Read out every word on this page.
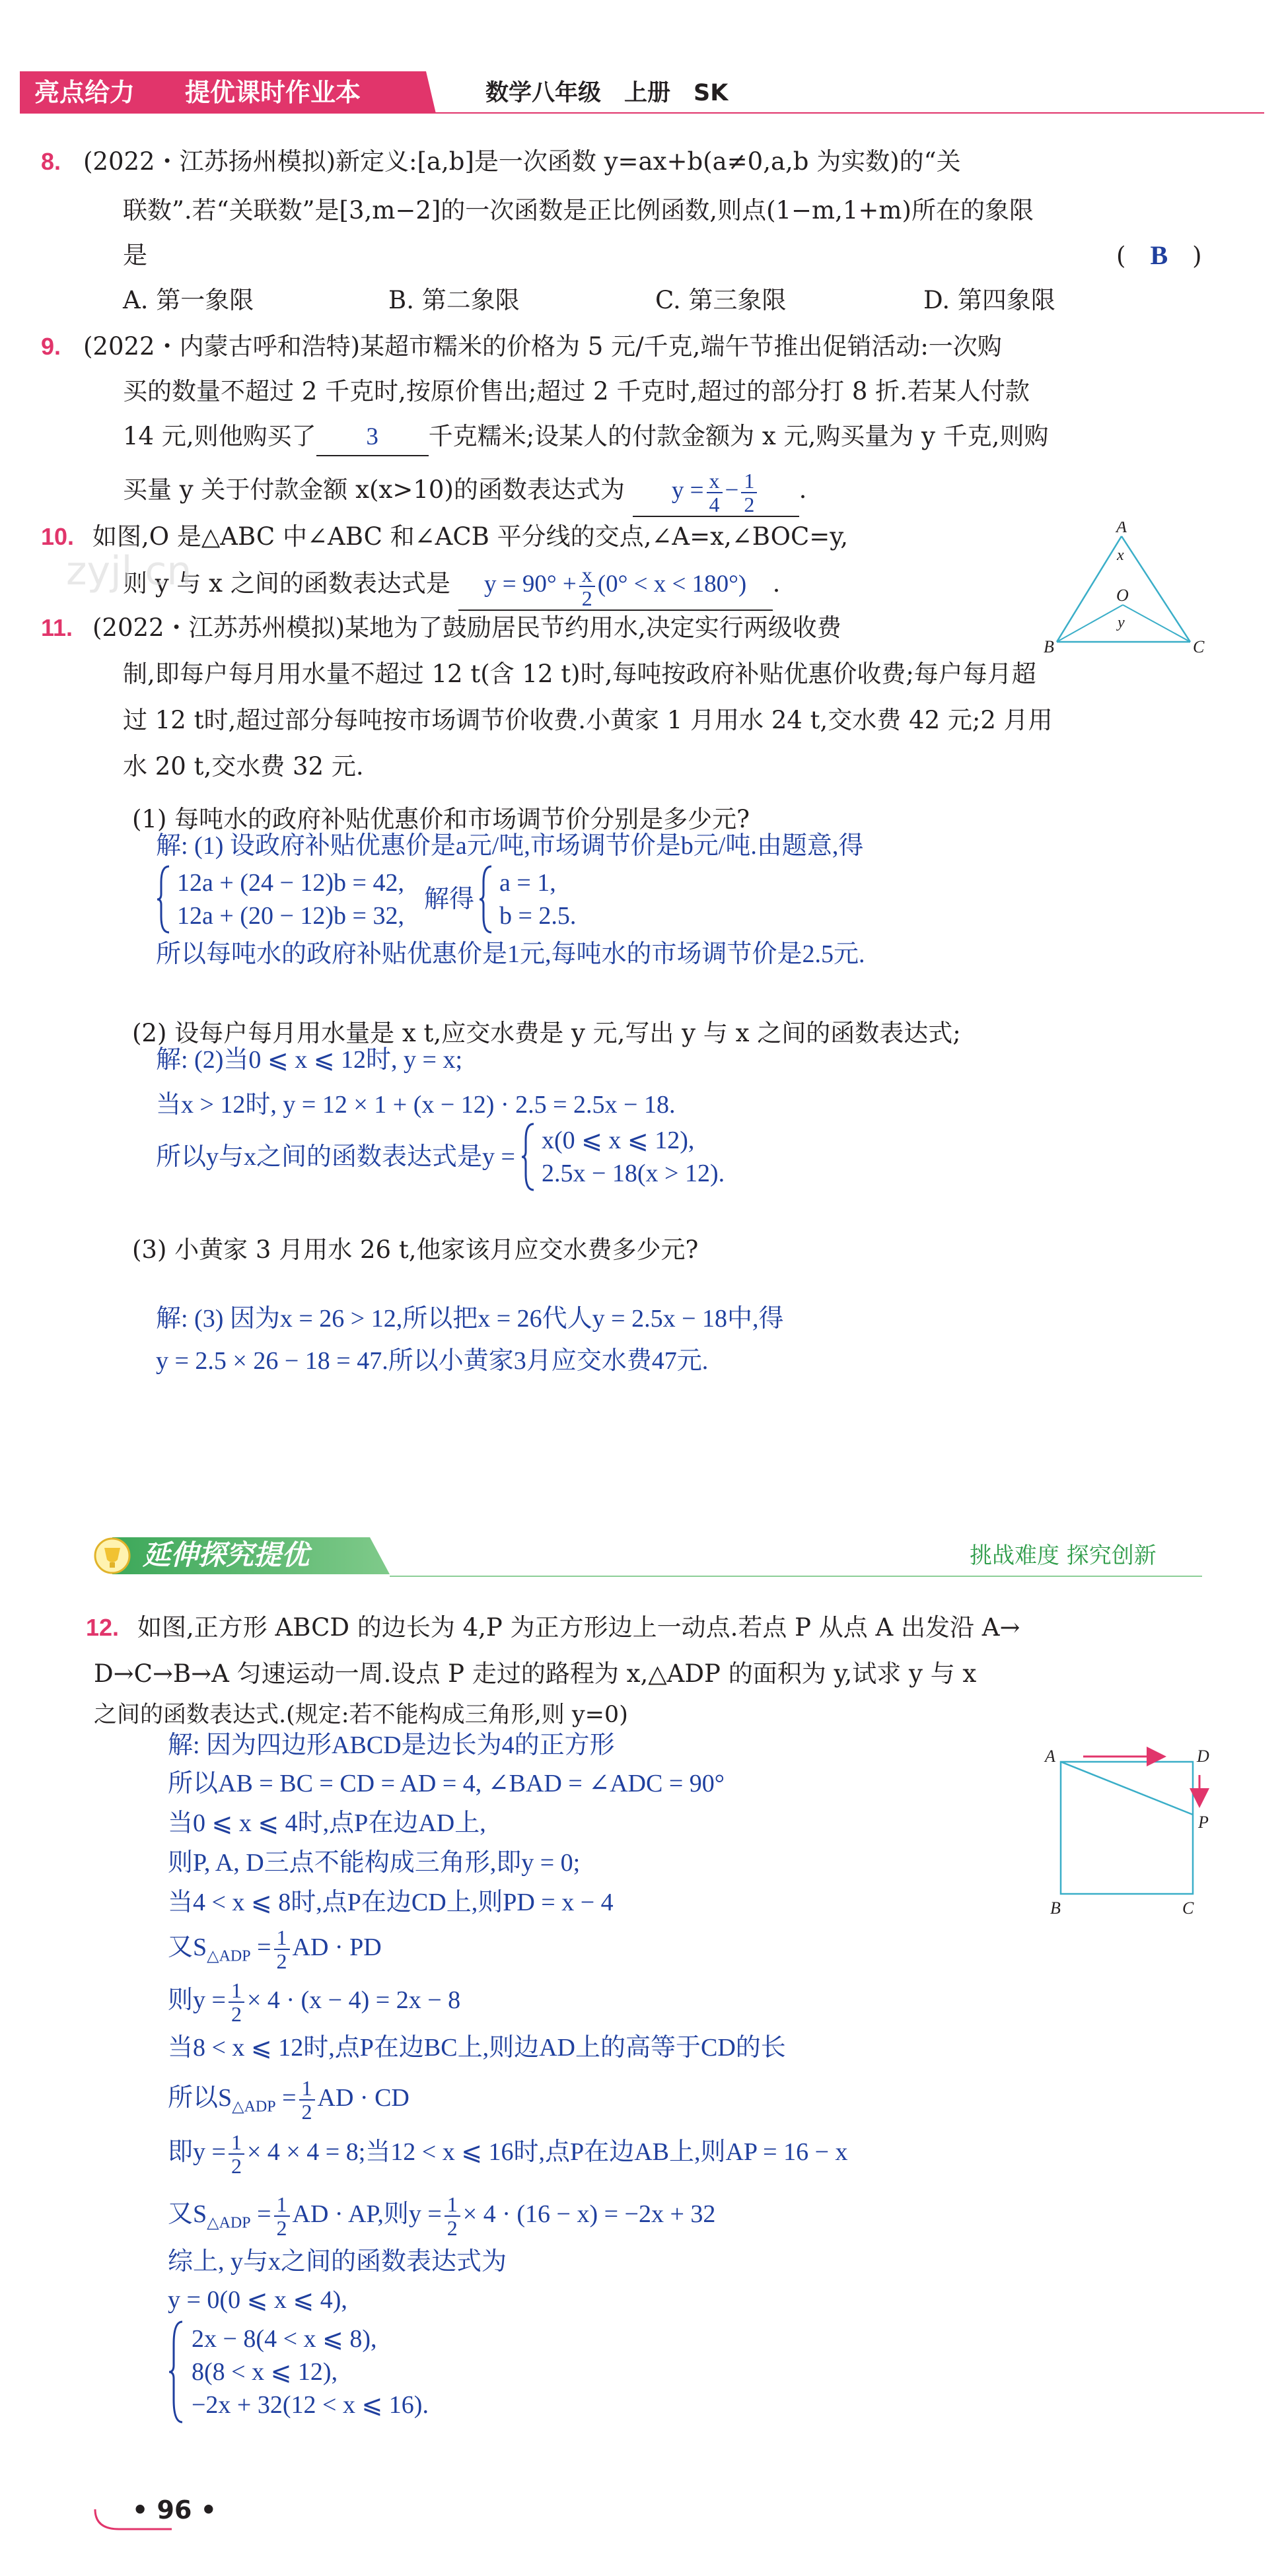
亮点给力 提优课时作业本	数学八年级　上册　SK
8. (2022・江苏扬州模拟)新定义:[a,b]是一次函数 y=ax+b(a≠0,a,b 为实数)的“关
联数”.若“关联数”是[3,m−2]的一次函数是正比例函数,则点(1−m,1+m)所在的象限
是	(　B　)
A. 第一象限	B. 第二象限	C. 第三象限	D. 第四象限
9. (2022・内蒙古呼和浩特)某超市糯米的价格为 5 元/千克,端午节推出促销活动:一次购
买的数量不超过 2 千克时,按原价售出;超过 2 千克时,超过的部分打 8 折.若某人付款
14 元,则他购买了 3 千克糯米;设某人的付款金额为 x 元,购买量为 y 千克,则购
买量 y 关于付款金额 x(x>10)的函数表达式为 $y = \frac{x}{4} - \frac{1}{2}$ .
10. 如图,O 是△ABC 中∠ABC 和∠ACB 平分线的交点,∠A=x,∠BOC=y,
则 y 与 x 之间的函数表达式是 $y = 90^\circ + \frac{x}{2} (0^\circ < x < 180^\circ)$ .
A
x
O
y
B	C
zyjl.cn
11. (2022・江苏苏州模拟)某地为了鼓励居民节约用水,决定实行两级收费
制,即每户每月用水量不超过 12 t(含 12 t)时,每吨按政府补贴优惠价收费;每户每月超
过 12 t时,超过部分每吨按市场调节价收费.小黄家 1 月用水 24 t,交水费 42 元;2 月用
水 20 t,交水费 32 元.
(1) 每吨水的政府补贴优惠价和市场调节价分别是多少元?
解: (1) 设政府补贴优惠价是a元/吨,市场调节价是b元/吨.由题意,得
12a + (24 − 12)b = 42,
12a + (20 − 12)b = 32,
解得
a = 1,
b = 2.5.
所以每吨水的政府补贴优惠价是1元,每吨水的市场调节价是2.5元.
(2) 设每户每月用水量是 x t,应交水费是 y 元,写出 y 与 x 之间的函数表达式;
解: (2)当0 ⩽ x ⩽ 12时, y = x;
当x > 12时, y = 12 × 1 + (x − 12) · 2.5 = 2.5x − 18.
所以y与x之间的函数表达式是y =
x(0 ⩽ x ⩽ 12),
2.5x − 18(x > 12).
(3) 小黄家 3 月用水 26 t,他家该月应交水费多少元?
解: (3) 因为x = 26 > 12,所以把x = 26代人y = 2.5x − 18中,得
y = 2.5 × 26 − 18 = 47.所以小黄家3月应交水费47元.
延伸探究提优	挑战难度 探究创新
12. 如图,正方形 ABCD 的边长为 4,P 为正方形边上一动点.若点 P 从点 A 出发沿 A→
D→C→B→A 匀速运动一周.设点 P 走过的路程为 x,△ADP 的面积为 y,试求 y 与 x
之间的函数表达式.(规定:若不能构成三角形,则 y=0)
解: 因为四边形ABCD是边长为4的正方形
所以AB = BC = CD = AD = 4, ∠BAD = ∠ADC = 90°
当0 ⩽ x ⩽ 4时,点P在边AD上,
则P, A, D三点不能构成三角形,即y = 0;
当4 < x ⩽ 8时,点P在边CD上,则PD = x − 4
又$S_{\triangle ADP} = \frac{1}{2}$ AD · PD
则$y = \frac{1}{2} \times 4 \cdot (x - 4) = 2x - 8$
当8 < x ⩽ 12时,点P在边BC上,则边AD上的高等于CD的长
所以$S_{\triangle ADP} = \frac{1}{2}$ AD · CD
即$y = \frac{1}{2} \times 4 \times 4 = 8$;当12 < x ⩽ 16时,点P在边AB上,则AP = 16 − x
又$S_{\triangle ADP} = \frac{1}{2}$ AD · AP,则$y = \frac{1}{2} \times 4 \cdot (16 - x) = -2x + 32$
综上, y与x之间的函数表达式为
y = 0(0 ⩽ x ⩽ 4),
2x − 8(4 < x ⩽ 8),
8(8 < x ⩽ 12),
−2x + 32(12 < x ⩽ 16).
A	D
P
B	C
• 96 •
